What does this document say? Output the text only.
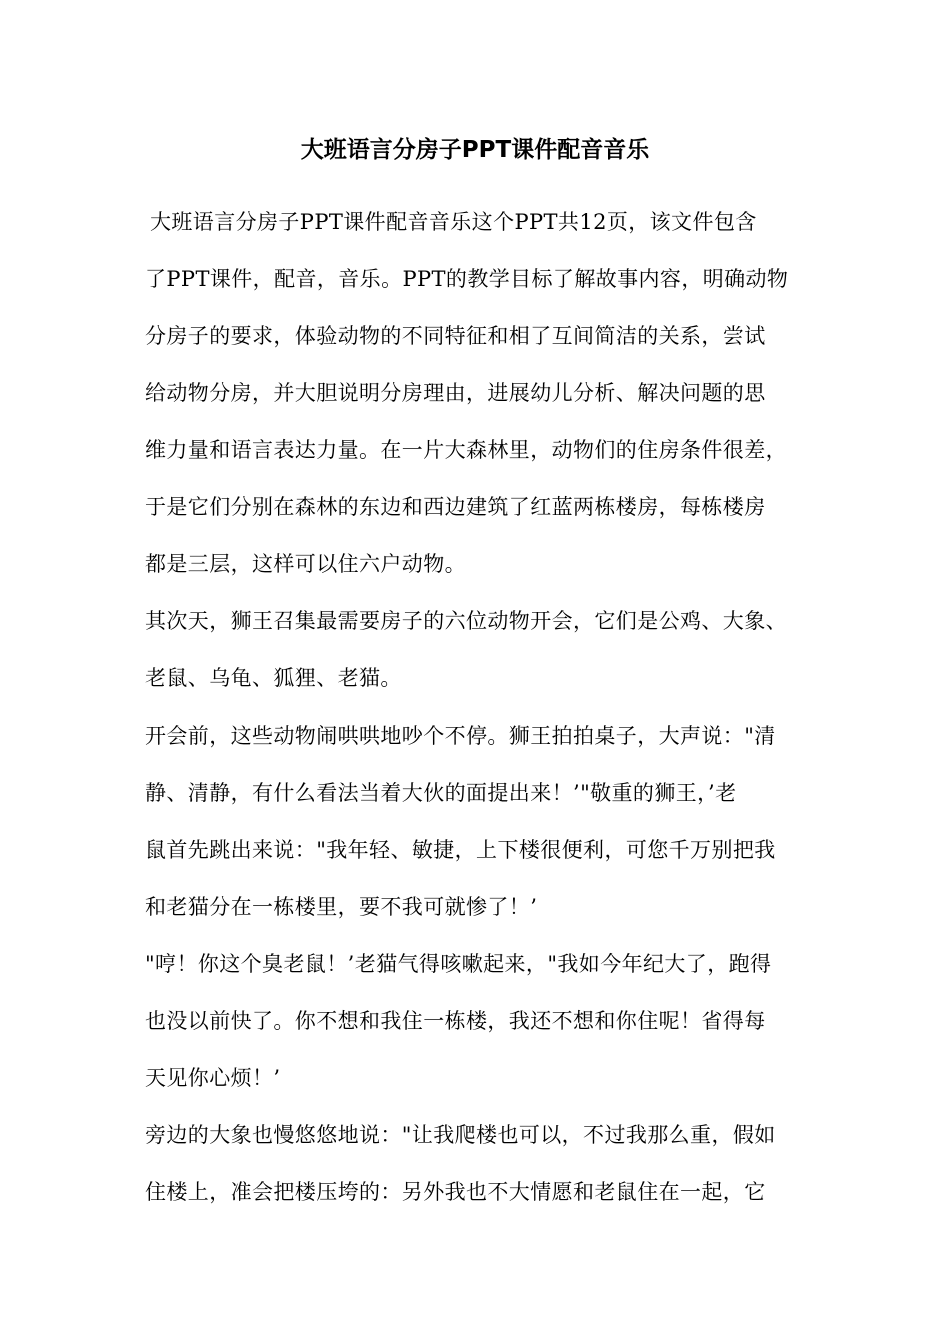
大班语言分房子PPT课件配音音乐

大班语言分房子PPT课件配音音乐这个PPT共12页，该文件包含

了PPT课件，配音，音乐。PPT的教学目标了解故事内容，明确动物

分房子的要求，体验动物的不同特征和相了互间简洁的关系，尝试

给动物分房，并大胆说明分房理由，进展幼儿分析、解决问题的思

维力量和语言表达力量。在一片大森林里，动物们的住房条件很差，

于是它们分别在森林的东边和西边建筑了红蓝两栋楼房，每栋楼房

都是三层，这样可以住六户动物。

其次天，狮王召集最需要房子的六位动物开会，它们是公鸡、大象、

老鼠、乌龟、狐狸、老猫。

开会前，这些动物闹哄哄地吵个不停。狮王拍拍桌子，大声说："清

静、清静，有什么看法当着大伙的面提出来！’"敬重的狮王，’老

鼠首先跳出来说："我年轻、敏捷，上下楼很便利，可您千万别把我

和老猫分在一栋楼里，要不我可就惨了！’

"哼！你这个臭老鼠！’老猫气得咳嗽起来，"我如今年纪大了，跑得

也没以前快了。你不想和我住一栋楼，我还不想和你住呢！省得每

天见你心烦！’

旁边的大象也慢悠悠地说："让我爬楼也可以，不过我那么重，假如

住楼上，准会把楼压垮的：另外我也不大情愿和老鼠住在一起，它
